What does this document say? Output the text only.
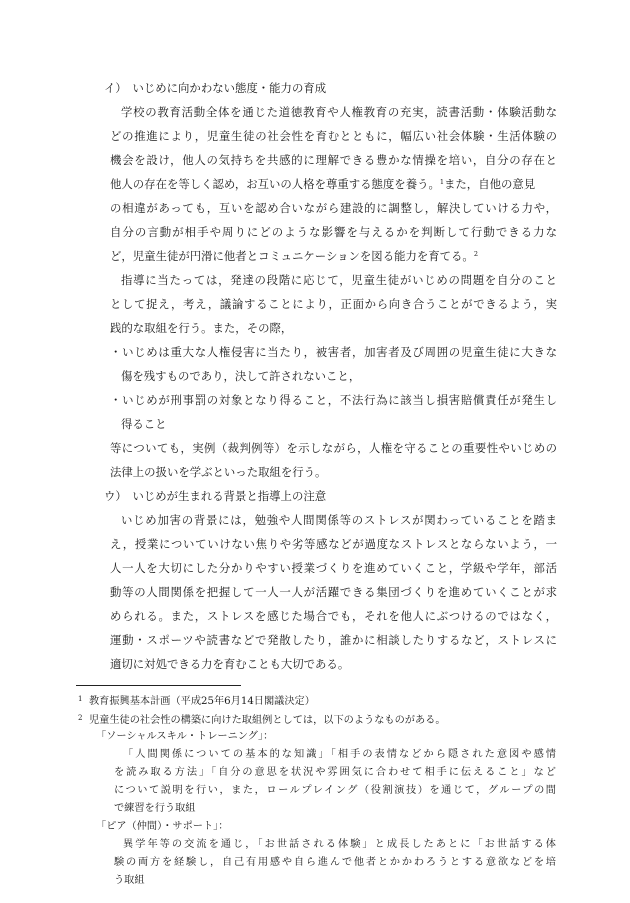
イ）　いじめに向かわない態度・能力の育成
学校の教育活動全体を通じた道徳教育や人権教育の充実，読書活動・体験活動な
どの推進により，児童生徒の社会性を育むとともに，幅広い社会体験・生活体験の
機会を設け，他人の気持ちを共感的に理解できる豊かな情操を培い，自分の存在と
他人の存在を等しく認め，お互いの人格を尊重する態度を養う。$^1$また，自他の意見
の相違があっても，互いを認め合いながら建設的に調整し，解決していける力や，
自分の言動が相手や周りにどのような影響を与えるかを判断して行動できる力な
ど，児童生徒が円滑に他者とコミュニケーションを図る能力を育てる。$^2$
指導に当たっては，発達の段階に応じて，児童生徒がいじめの問題を自分のこと
として捉え，考え，議論することにより，正面から向き合うことができるよう，実
践的な取組を行う。また，その際，
・いじめは重大な人権侵害に当たり，被害者，加害者及び周囲の児童生徒に大きな
傷を残すものであり，決して許されないこと，
・いじめが刑事罰の対象となり得ること，不法行為に該当し損害賠償責任が発生し
得ること
等についても，実例（裁判例等）を示しながら，人権を守ることの重要性やいじめの
法律上の扱いを学ぶといった取組を行う。
ウ）　いじめが生まれる背景と指導上の注意
いじめ加害の背景には，勉強や人間関係等のストレスが関わっていることを踏ま
え，授業についていけない焦りや劣等感などが過度なストレスとならないよう，一
人一人を大切にした分かりやすい授業づくりを進めていくこと，学級や学年，部活
動等の人間関係を把握して一人一人が活躍できる集団づくりを進めていくことが求
められる。また，ストレスを感じた場合でも，それを他人にぶつけるのではなく，
運動・スポーツや読書などで発散したり，誰かに相談したりするなど，ストレスに
適切に対処できる力を育むことも大切である。
$^1$ 教育振興基本計画（平成25年6月14日閣議決定）
$^2$ 児童生徒の社会性の構築に向けた取組例としては，以下のようなものがある。
「ソーシャルスキル・トレーニング」：
「人間関係についての基本的な知識」「相手の表情などから隠された意図や感情
を読み取る方法」「自分の意思を状況や雰囲気に合わせて相手に伝えること」など
について説明を行い，また，ロールプレイング（役割演技）を通じて，グループの間
で練習を行う取組
「ピア（仲間）・サポート」：
異学年等の交流を通じ，「お世話される体験」と成長したあとに「お世話する体
験の両方を経験し，自己有用感や自ら進んで他者とかかわろうとする意欲などを培
う取組
